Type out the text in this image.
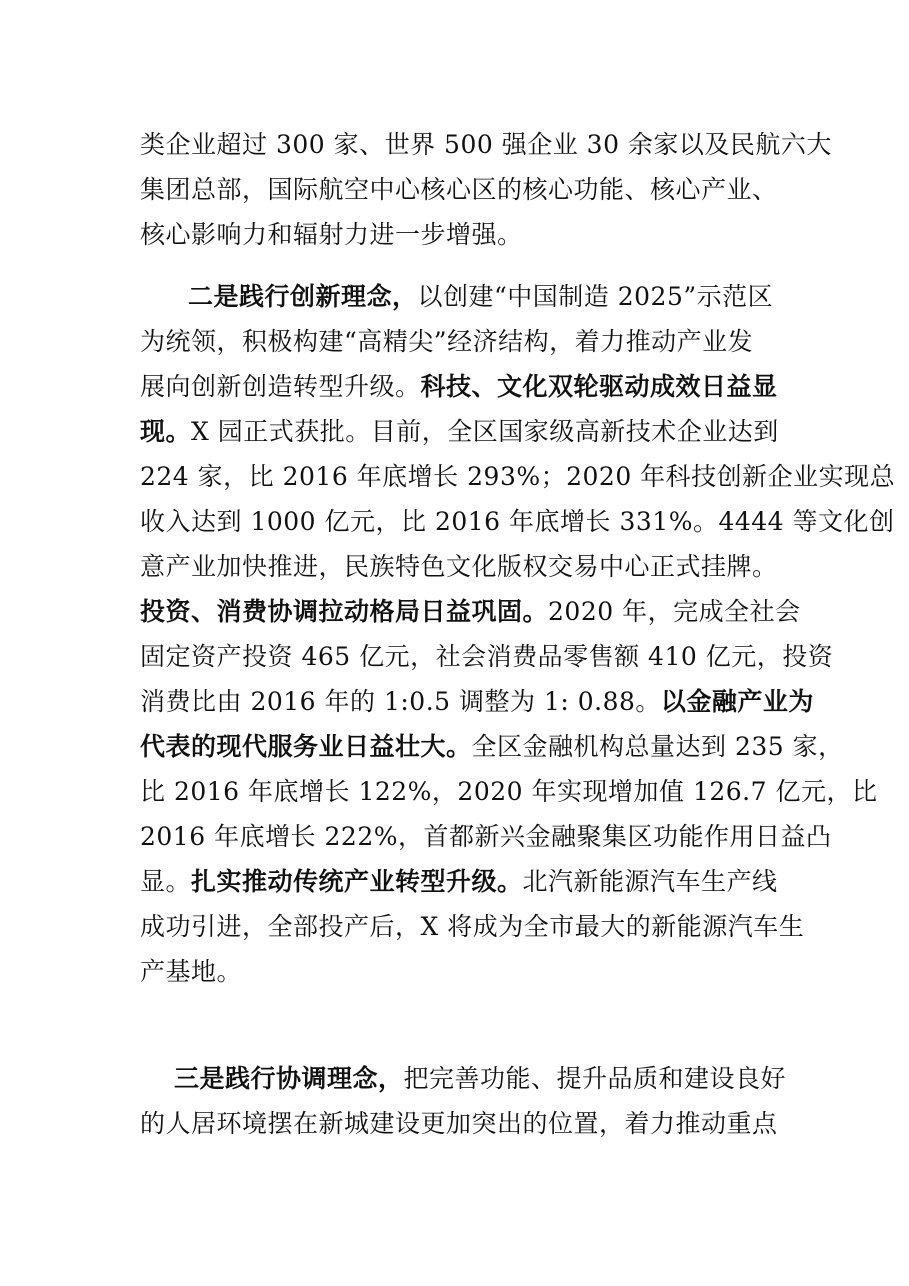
类企业超过 300 家、世界 500 强企业 30 余家以及民航六大
集团总部，国际航空中心核心区的核心功能、核心产业、
核心影响力和辐射力进一步增强。
二是践行创新理念，以创建“中国制造 2025”示范区
为统领，积极构建“高精尖”经济结构，着力推动产业发
展向创新创造转型升级。科技、文化双轮驱动成效日益显
现。X 园正式获批。目前，全区国家级高新技术企业达到
224 家，比 2016 年底增长 293%；2020 年科技创新企业实现总
收入达到 1000 亿元，比 2016 年底增长 331%。4444 等文化创
意产业加快推进，民族特色文化版权交易中心正式挂牌。
投资、消费协调拉动格局日益巩固。2020 年，完成全社会
固定资产投资 465 亿元，社会消费品零售额 410 亿元，投资
消费比由 2016 年的 1:0.5 调整为 1: 0.88。以金融产业为
代表的现代服务业日益壮大。全区金融机构总量达到 235 家，
比 2016 年底增长 122%，2020 年实现增加值 126.7 亿元，比
2016 年底增长 222%，首都新兴金融聚集区功能作用日益凸
显。扎实推动传统产业转型升级。北汽新能源汽车生产线
成功引进，全部投产后，X 将成为全市最大的新能源汽车生
产基地。
三是践行协调理念，把完善功能、提升品质和建设良好
的人居环境摆在新城建设更加突出的位置，着力推动重点
